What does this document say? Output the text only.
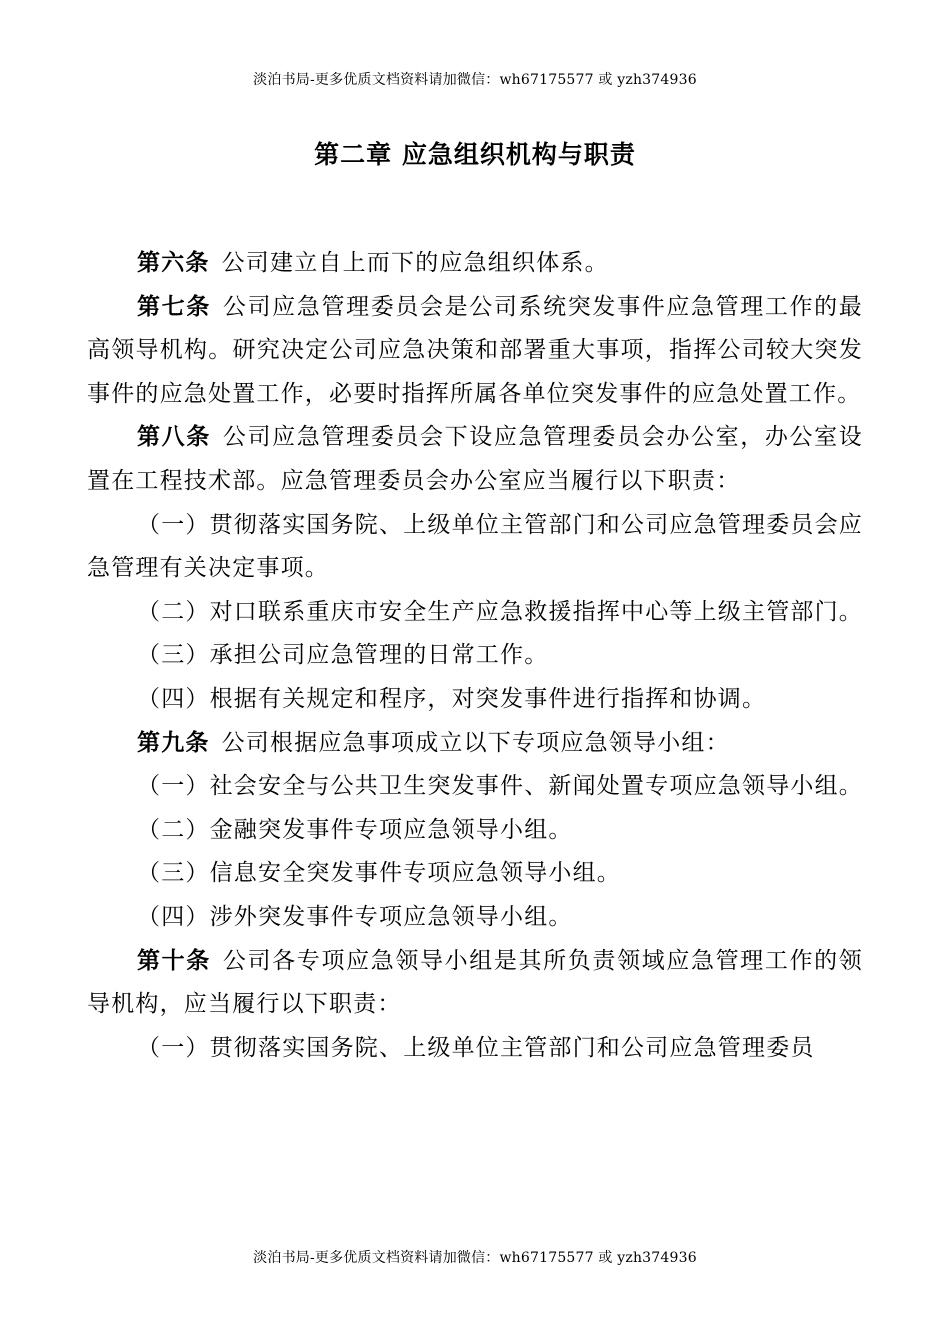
淡泊书局-更多优质文档资料请加微信：wh67175577 或 yzh374936
第二章 应急组织机构与职责

第六条 公司建立自上而下的应急组织体系。

第七条 公司应急管理委员会是公司系统突发事件应急管理工作的最高领导机构。研究决定公司应急决策和部署重大事项，指挥公司较大突发事件的应急处置工作，必要时指挥所属各单位突发事件的应急处置工作。

第八条 公司应急管理委员会下设应急管理委员会办公室，办公室设置在工程技术部。应急管理委员会办公室应当履行以下职责：

（一）贯彻落实国务院、上级单位主管部门和公司应急管理委员会应急管理有关决定事项。

（二）对口联系重庆市安全生产应急救援指挥中心等上级主管部门。

（三）承担公司应急管理的日常工作。

（四）根据有关规定和程序，对突发事件进行指挥和协调。

第九条 公司根据应急事项成立以下专项应急领导小组：

（一）社会安全与公共卫生突发事件、新闻处置专项应急领导小组。

（二）金融突发事件专项应急领导小组。

（三）信息安全突发事件专项应急领导小组。

（四）涉外突发事件专项应急领导小组。

第十条 公司各专项应急领导小组是其所负责领域应急管理工作的领导机构，应当履行以下职责：

（一）贯彻落实国务院、上级单位主管部门和公司应急管理委员

淡泊书局-更多优质文档资料请加微信：wh67175577 或 yzh374936
